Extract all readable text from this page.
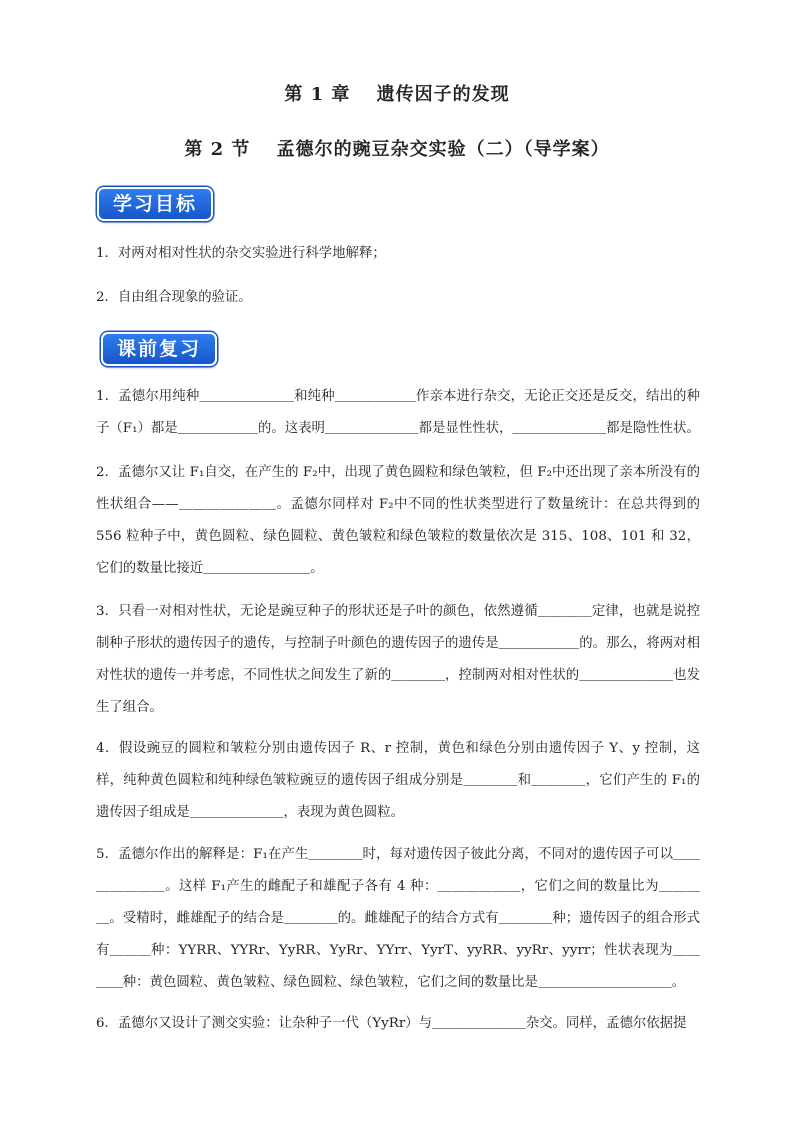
第 1 章　 遗传因子的发现
第 2 节　 孟德尔的豌豆杂交实验（二）（导学案）
学习目标

1．对两对相对性状的杂交实验进行科学地解释；

2．自由组合现象的验证。

课前复习

1．孟德尔用纯种＿＿＿＿＿＿＿和纯种＿＿＿＿＿＿作亲本进行杂交，无论正交还是反交，结出的种子（F₁）都是＿＿＿＿＿＿的。这表明＿＿＿＿＿＿＿都是显性性状，＿＿＿＿＿＿＿都是隐性性状。

2．孟德尔又让 F₁自交，在产生的 F₂中，出现了黄色圆粒和绿色皱粒，但 F₂中还出现了亲本所没有的性状组合——＿＿＿＿＿＿＿。孟德尔同样对 F₂中不同的性状类型进行了数量统计：在总共得到的 556 粒种子中，黄色圆粒、绿色圆粒、黄色皱粒和绿色皱粒的数量依次是 315、108、101 和 32，它们的数量比接近＿＿＿＿＿＿＿＿。

3．只看一对相对性状，无论是豌豆种子的形状还是子叶的颜色，依然遵循＿＿＿＿定律，也就是说控制种子形状的遗传因子的遗传，与控制子叶颜色的遗传因子的遗传是＿＿＿＿＿＿的。那么，将两对相对性状的遗传一并考虑，不同性状之间发生了新的＿＿＿＿，控制两对相对性状的＿＿＿＿＿＿＿也发生了组合。

4．假设豌豆的圆粒和皱粒分别由遗传因子 R、r 控制，黄色和绿色分别由遗传因子 Y、y 控制，这样，纯种黄色圆粒和纯种绿色皱粒豌豆的遗传因子组成分别是＿＿＿＿和＿＿＿＿，它们产生的 F₁的遗传因子组成是＿＿＿＿＿＿＿，表现为黄色圆粒。

5．孟德尔作出的解释是：F₁在产生＿＿＿＿时，每对遗传因子彼此分离，不同对的遗传因子可以＿＿＿＿＿＿＿。这样 F₁产生的雌配子和雄配子各有 4 种：＿＿＿＿＿＿，它们之间的数量比为＿＿＿＿。受精时，雌雄配子的结合是＿＿＿＿的。雌雄配子的结合方式有＿＿＿＿种；遗传因子的组合形式有＿＿＿种：YYRR、YYRr、YyRR、YyRr、YYrr、YyrT、yyRR、yyRr、yyrr；性状表现为＿＿＿＿种：黄色圆粒、黄色皱粒、绿色圆粒、绿色皱粒，它们之间的数量比是＿＿＿＿＿＿＿＿＿＿。

6．孟德尔又设计了测交实验：让杂种子一代（YyRr）与＿＿＿＿＿＿＿杂交。同样，孟德尔依据提
